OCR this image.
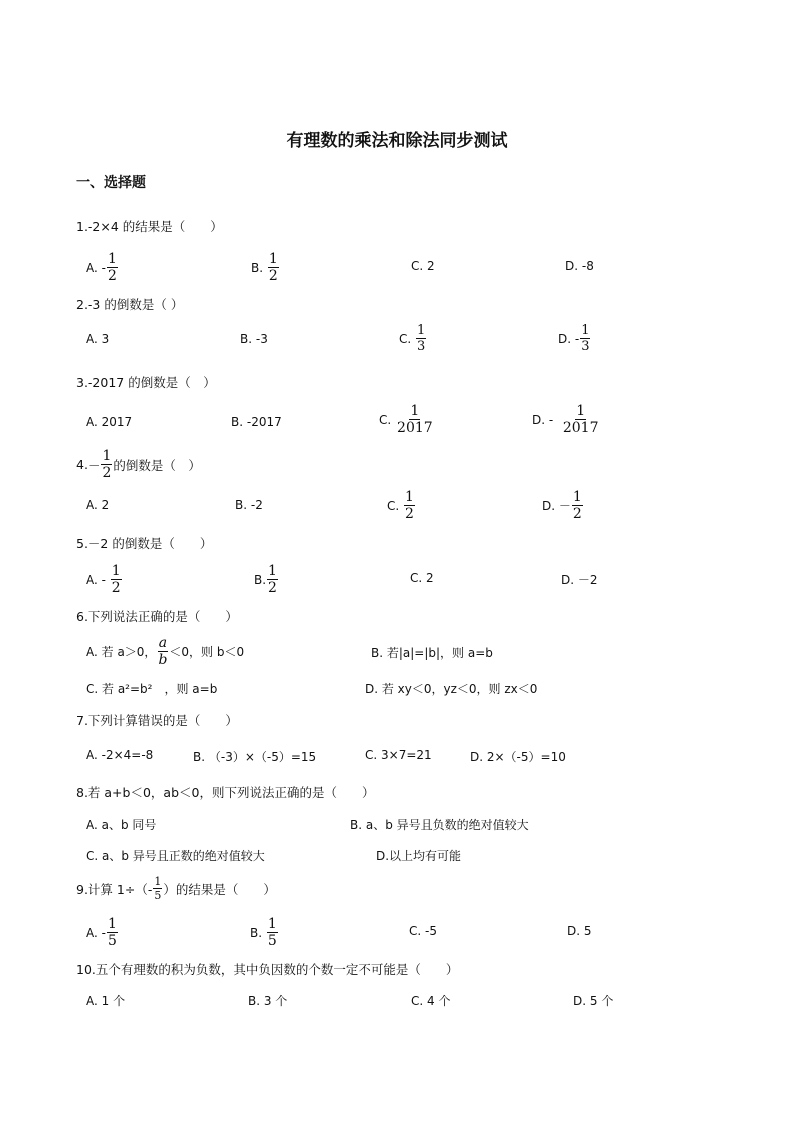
有理数的乘法和除法同步测试
一、选择题
1.-2×4 的结果是（　　）
A.
- $\frac{1}{2}$	B.
$\frac{1}{2}$	C. 2	D. -8
2.-3 的倒数是（ ）
A. 3	B. -3	C.
$\frac{1}{3}$	D. - $\frac{1}{3}$
3.-2017 的倒数是（　）
A. 2017	B. -2017	C.
$\frac{1}{2017}$	D. -
$\frac{1}{2017}$
4. － $\frac{1}{2}$ 的倒数是（　）
A. 2	B. -2	C.
$\frac{1}{2}$	D. － $\frac{1}{2}$
5.－2 的倒数是（　　）
A. -
$\frac{1}{2}$	B. $\frac{1}{2}$	C. 2	D. －2
6.下列说法正确的是（　　）
A. 若 a＞0， $\frac{a}{b} <0$，则 b＜0	B. 若|a|=|b|，则 a=b
C. 若 a²=b²　，则 a=b	D. 若 xy＜0，yz＜0，则 zx＜0
7.下列计算错误的是（　　）
A. -2×4=-8	B. （-3）×（-5）=15	C. 3×7=21	D. 2×（-5）=10
8.若 a+b＜0，ab＜0，则下列说法正确的是（　　）
A. a、b 同号	B. a、b 异号且负数的绝对值较大
C. a、b 异号且正数的绝对值较大	D.以上均有可能
9.计算 $1\div(- \frac{1}{5}$ ）的结果是（　　）
A. - $\frac{1}{5}$	B.
$\frac{1}{5}$	C. -5	D. 5
10.五个有理数的积为负数，其中负因数的个数一定不可能是（　　）
A. 1 个	B. 3 个	C. 4 个	D. 5 个
